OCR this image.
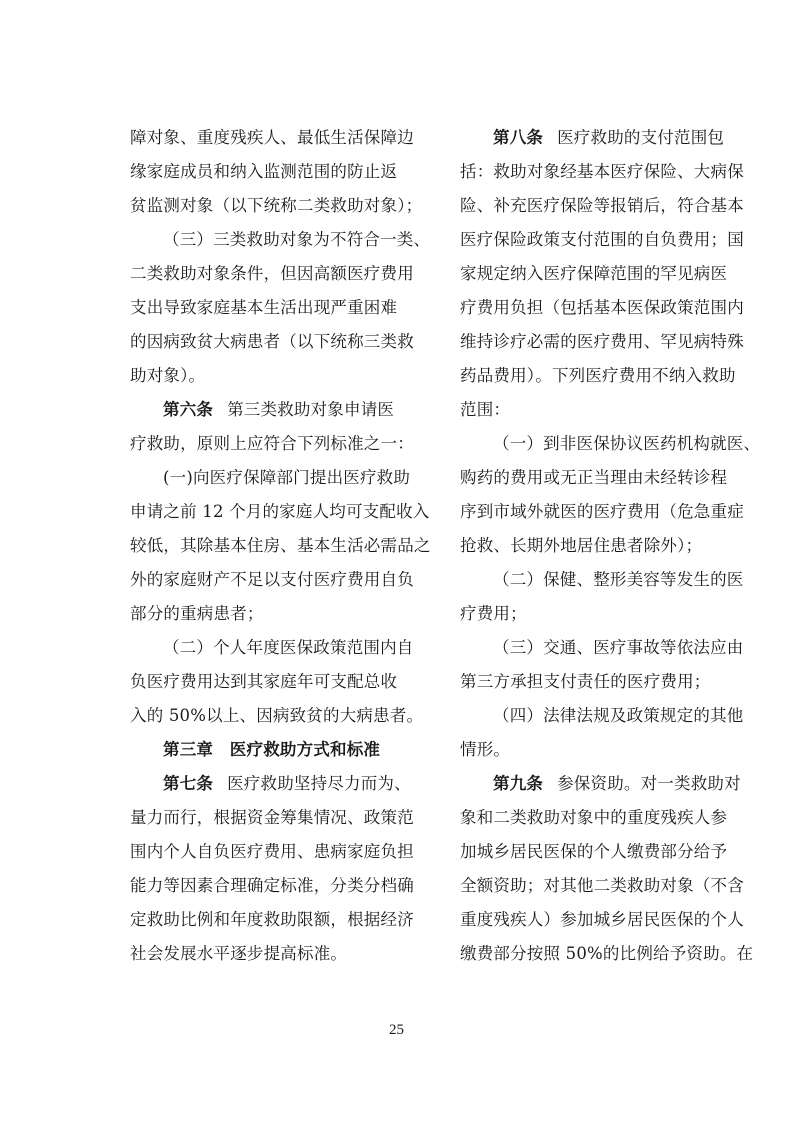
障对象、重度残疾人、最低生活保障边
缘家庭成员和纳入监测范围的防止返
贫监测对象（以下统称二类救助对象）；
（三）三类救助对象为不符合一类、
二类救助对象条件，但因高额医疗费用
支出导致家庭基本生活出现严重困难
的因病致贫大病患者（以下统称三类救
助对象）。
第六条 第三类救助对象申请医
疗救助，原则上应符合下列标准之一：
(一)向医疗保障部门提出医疗救助
申请之前 12 个月的家庭人均可支配收入
较低，其除基本住房、基本生活必需品之
外的家庭财产不足以支付医疗费用自负
部分的重病患者；
（二）个人年度医保政策范围内自
负医疗费用达到其家庭年可支配总收
入的 50%以上、因病致贫的大病患者。
第三章　医疗救助方式和标准
第七条 医疗救助坚持尽力而为、
量力而行，根据资金筹集情况、政策范
围内个人自负医疗费用、患病家庭负担
能力等因素合理确定标准，分类分档确
定救助比例和年度救助限额，根据经济
社会发展水平逐步提高标准。
第八条 医疗救助的支付范围包
括：救助对象经基本医疗保险、大病保
险、补充医疗保险等报销后，符合基本
医疗保险政策支付范围的自负费用；国
家规定纳入医疗保障范围的罕见病医
疗费用负担（包括基本医保政策范围内
维持诊疗必需的医疗费用、罕见病特殊
药品费用）。下列医疗费用不纳入救助
范围：
（一）到非医保协议医药机构就医、
购药的费用或无正当理由未经转诊程
序到市域外就医的医疗费用（危急重症
抢救、长期外地居住患者除外）；
（二）保健、整形美容等发生的医
疗费用；
（三）交通、医疗事故等依法应由
第三方承担支付责任的医疗费用；
（四）法律法规及政策规定的其他
情形。
第九条 参保资助。对一类救助对
象和二类救助对象中的重度残疾人参
加城乡居民医保的个人缴费部分给予
全额资助；对其他二类救助对象（不含
重度残疾人）参加城乡居民医保的个人
缴费部分按照 50%的比例给予资助。在
25
